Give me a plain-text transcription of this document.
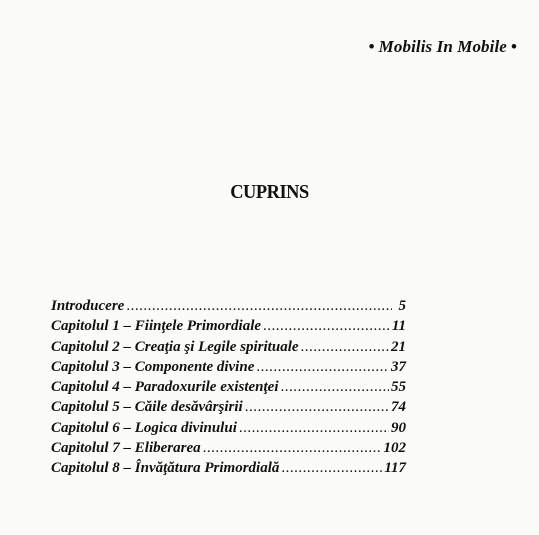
• Mobilis In Mobile •
CUPRINS
Introducere .....	5
Capitolul 1 – Fiinţele Primordiale .....	11
Capitolul 2 – Creaţia şi Legile spirituale .....	21
Capitolul 3 – Componente divine .....	37
Capitolul 4 – Paradoxurile existenţei .....	55
Capitolul 5 – Căile desăvârşirii .....	74
Capitolul 6 – Logica divinului .....	90
Capitolul 7 – Eliberarea .....	102
Capitolul 8 – Învăţătura Primordială .....	117
